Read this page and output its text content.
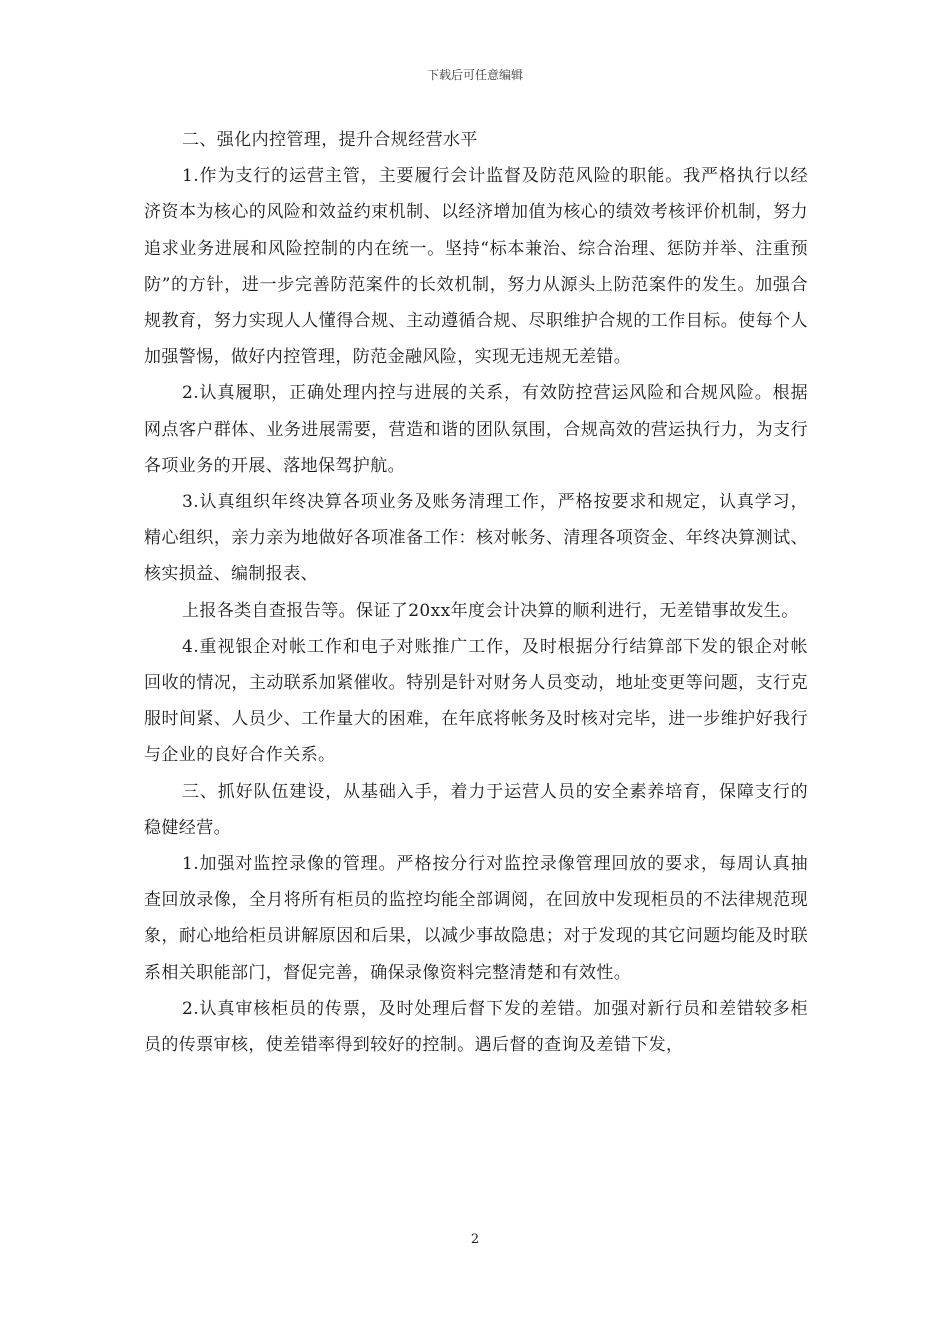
下载后可任意编辑

二、强化内控管理，提升合规经营水平

1.作为支行的运营主管，主要履行会计监督及防范风险的职能。我严格执行以经济资本为核心的风险和效益约束机制、以经济增加值为核心的绩效考核评价机制，努力追求业务进展和风险控制的内在统一。坚持“标本兼治、综合治理、惩防并举、注重预防”的方针，进一步完善防范案件的长效机制，努力从源头上防范案件的发生。加强合规教育，努力实现人人懂得合规、主动遵循合规、尽职维护合规的工作目标。使每个人加强警惕，做好内控管理，防范金融风险，实现无违规无差错。

2.认真履职，正确处理内控与进展的关系，有效防控营运风险和合规风险。根据网点客户群体、业务进展需要，营造和谐的团队氛围，合规高效的营运执行力，为支行各项业务的开展、落地保驾护航。

3.认真组织年终决算各项业务及账务清理工作，严格按要求和规定，认真学习，精心组织，亲力亲为地做好各项准备工作：核对帐务、清理各项资金、年终决算测试、核实损益、编制报表、

上报各类自查报告等。保证了20xx年度会计决算的顺利进行，无差错事故发生。

4.重视银企对帐工作和电子对账推广工作，及时根据分行结算部下发的银企对帐回收的情况，主动联系加紧催收。特别是针对财务人员变动，地址变更等问题，支行克服时间紧、人员少、工作量大的困难，在年底将帐务及时核对完毕，进一步维护好我行与企业的良好合作关系。

三、抓好队伍建设，从基础入手，着力于运营人员的安全素养培育，保障支行的稳健经营。

1.加强对监控录像的管理。严格按分行对监控录像管理回放的要求，每周认真抽查回放录像，全月将所有柜员的监控均能全部调阅，在回放中发现柜员的不法律规范现象，耐心地给柜员讲解原因和后果，以减少事故隐患；对于发现的其它问题均能及时联系相关职能部门，督促完善，确保录像资料完整清楚和有效性。

2.认真审核柜员的传票，及时处理后督下发的差错。加强对新行员和差错较多柜员的传票审核，使差错率得到较好的控制。遇后督的查询及差错下发，

2
